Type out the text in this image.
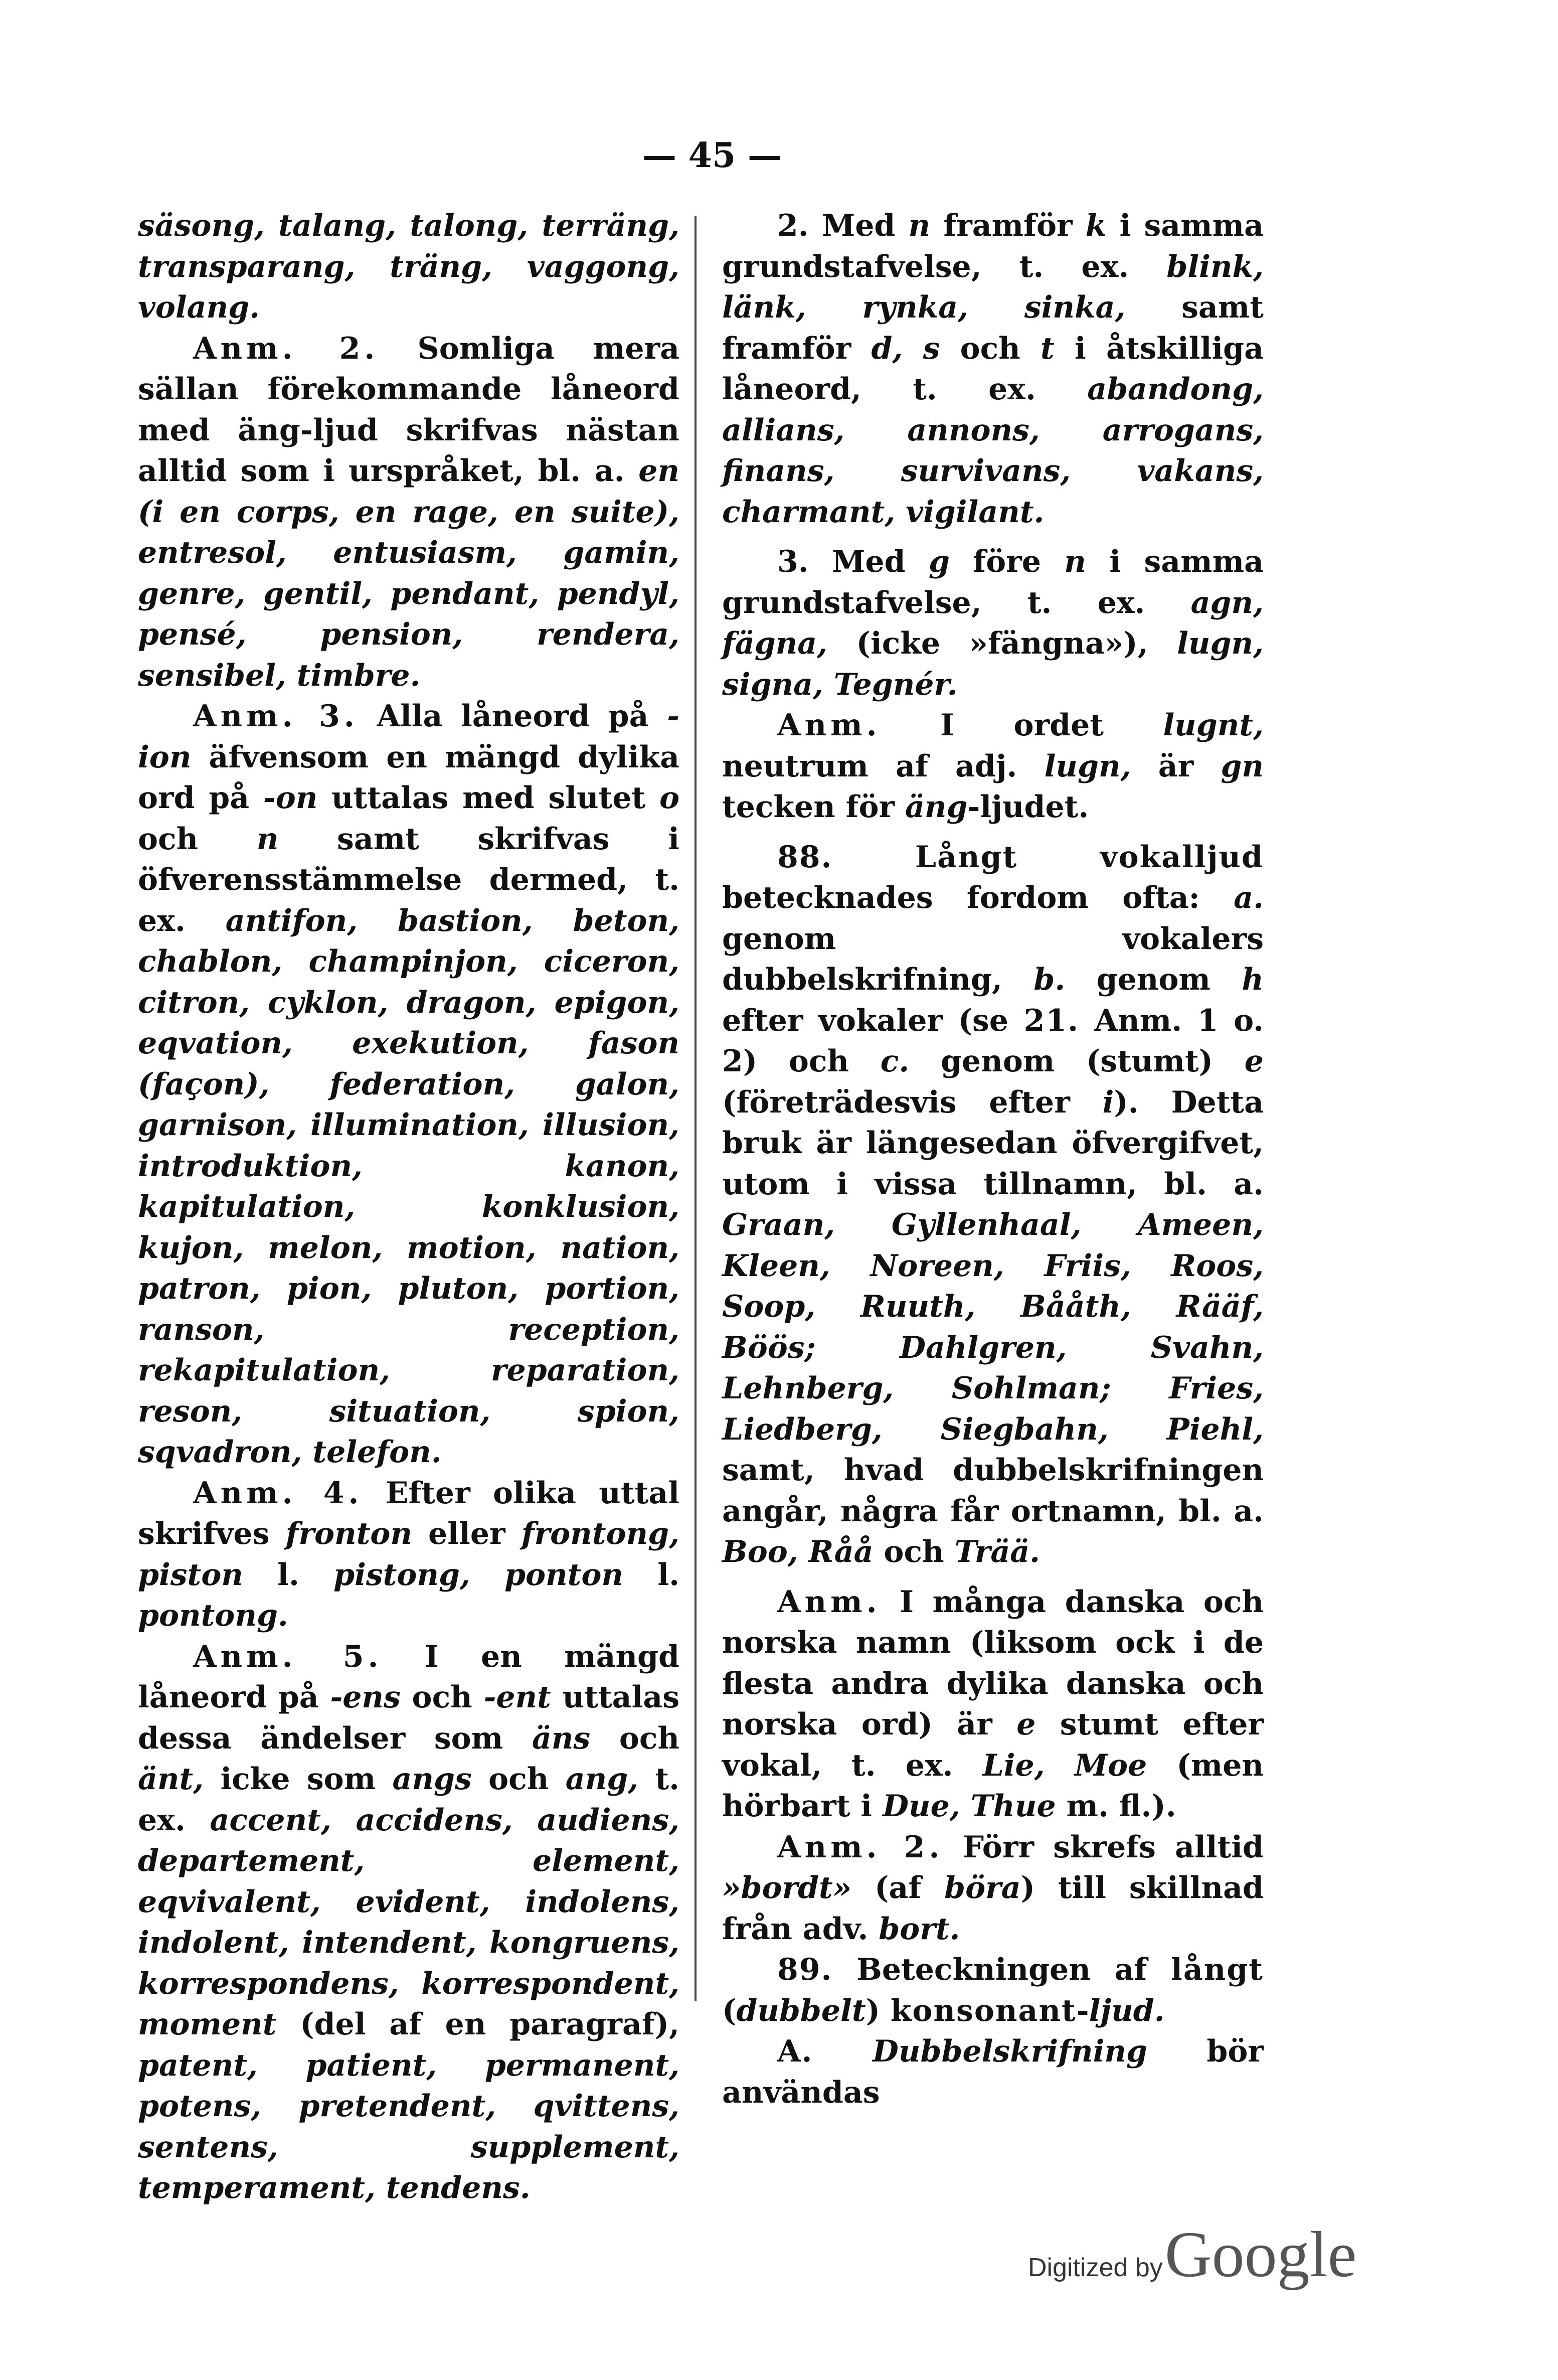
— 45 —

säsong, talang, talong, terräng, transparang, träng, vaggong, volang.

Anm. 2. Somliga mera sällan förekommande låneord med äng-ljud skrifvas nästan alltid som i urspråket, bl. a. en (i en corps, en rage, en suite), entresol, entusiasm, gamin, genre, gentil, pendant, pendyl, pensé, pension, rendera, sensibel, timbre.

Anm. 3. Alla låneord på -ion äfvensom en mängd dylika ord på -on uttalas med slutet o och n samt skrifvas i öfverensstämmelse dermed, t. ex. antifon, bastion, beton, chablon, champinjon, ciceron, citron, cyklon, dragon, epigon, eqvation, exekution, fason (façon), federation, galon, garnison, illumination, illusion, introduktion, kanon, kapitulation, konklusion, kujon, melon, motion, nation, patron, pion, pluton, portion, ranson, reception, rekapitulation, reparation, reson, situation, spion, sqvadron, telefon.

Anm. 4. Efter olika uttal skrifves fronton eller frontong, piston l. pistong, ponton l. pontong.

Anm. 5. I en mängd låneord på -ens och -ent uttalas dessa ändelser som äns och änt, icke som angs och ang, t. ex. accent, accidens, audiens, departement, element, eqvivalent, evident, indolens, indolent, intendent, kongruens, korrespondens, korrespondent, moment (del af en paragraf), patent, patient, permanent, potens, pretendent, qvittens, sentens, supplement, temperament, tendens.

2. Med n framför k i samma grundstafvelse, t. ex. blink, länk, rynka, sinka, samt framför d, s och t i åtskilliga låneord, t. ex. abandong, allians, annons, arrogans, finans, survivans, vakans, charmant, vigilant.

3. Med g före n i samma grundstafvelse, t. ex. agn, fägna, (icke »fängna»), lugn, signa, Tegnér.

Anm. I ordet lugnt, neutrum af adj. lugn, är gn tecken för äng-ljudet.

88. Långt vokalljud betecknades fordom ofta: a. genom vokalers dubbelskrifning, b. genom h efter vokaler (se 21. Anm. 1 o. 2) och c. genom (stumt) e (företrädesvis efter i). Detta bruk är längesedan öfvergifvet, utom i vissa tillnamn, bl. a. Graan, Gyllenhaal, Ameen, Kleen, Noreen, Friis, Roos, Soop, Ruuth, Bååth, Rääf, Böös; Dahlgren, Svahn, Lehnberg, Sohlman; Fries, Liedberg, Siegbahn, Piehl, samt, hvad dubbelskrifningen angår, några får ortnamn, bl. a. Boo, Råå och Trää.

Anm. I många danska och norska namn (liksom ock i de flesta andra dylika danska och norska ord) är e stumt efter vokal, t. ex. Lie, Moe (men hörbart i Due, Thue m. fl.).

Anm. 2. Förr skrefs alltid »bordt» (af böra) till skillnad från adv. bort.

89. Beteckningen af långt (dubbelt) konsonant-ljud.

A. Dubbelskrifning bör användas

Digitized byGoogle
